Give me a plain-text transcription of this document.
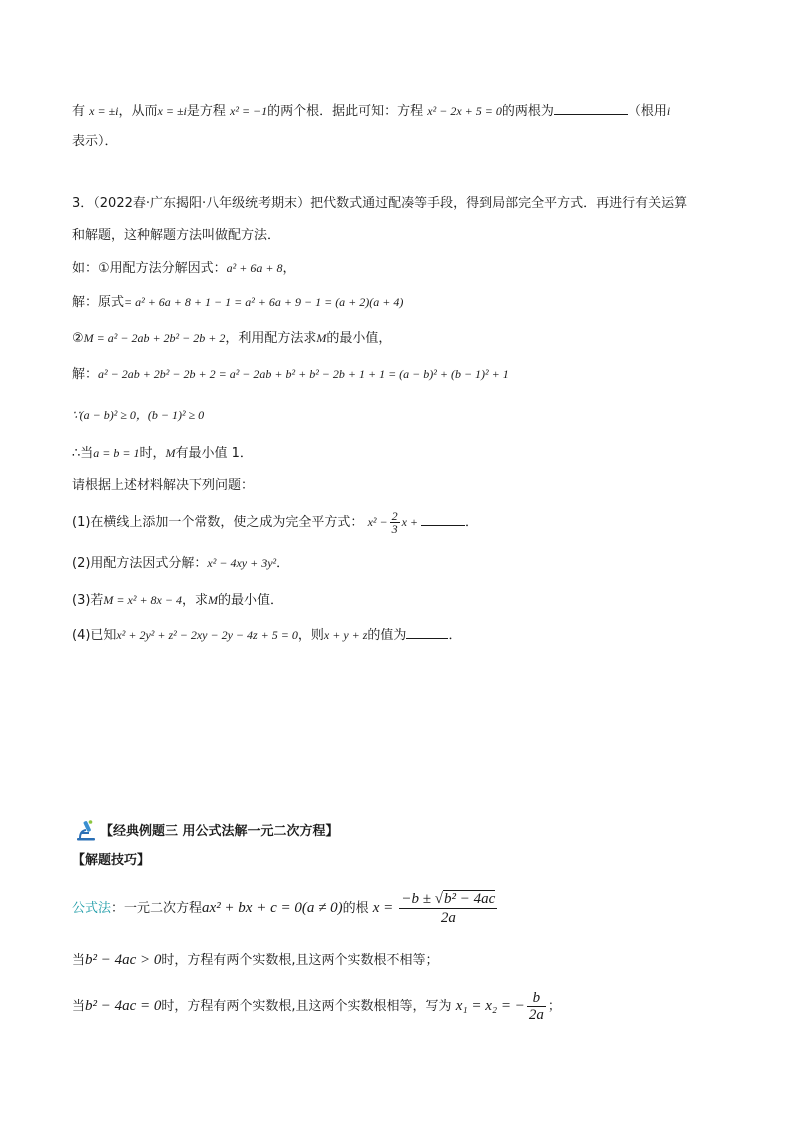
有 x = ±i，从而x = ±i是方程 x² = −1的两个根．据此可知：方程 x² − 2x + 5 = 0的两根为	（根用i
表示）．
3．（2022春·广东揭阳·八年级统考期末）把代数式通过配凑等手段，得到局部完全平方式．再进行有关运算
和解题，这种解题方法叫做配方法．
如：①用配方法分解因式：a² + 6a + 8，
解：原式= a² + 6a + 8 + 1 − 1 = a² + 6a + 9 − 1 = (a + 2)(a + 4)
②M = a² − 2ab + 2b² − 2b + 2，利用配方法求M的最小值，
解：a² − 2ab + 2b² − 2b + 2 = a² − 2ab + b² + b² − 2b + 1 + 1 = (a − b)² + (b − 1)² + 1
∵(a − b)² ≥ 0，(b − 1)² ≥ 0
∴当a = b = 1时，M有最小值 1．
请根据上述材料解决下列问题：
(1)在横线上添加一个常数，使之成为完全平方式： $x^2 - \frac{2}{3}$ x +	．
(2)用配方法因式分解：x² − 4xy + 3y²．
(3)若M = x² + 8x − 4，求M的最小值．
(4)已知x² + 2y² + z² − 2xy − 2y − 4z + 5 = 0，则x + y + z的值为	．
【经典例题三 用公式法解一元二次方程】
【解题技巧】
公式法：一元二次方程ax² + bx + c = 0(a ≠ 0)的根 $x = \frac{\text{−b ± √b² − 4ac}}{2a}$
当b² − 4ac > 0时，方程有两个实数根,且这两个实数根不相等；
当b² − 4ac = 0时，方程有两个实数根,且这两个实数根相等，写为 x₁ = x₂ = − $\frac{b}{2a}$ ；
